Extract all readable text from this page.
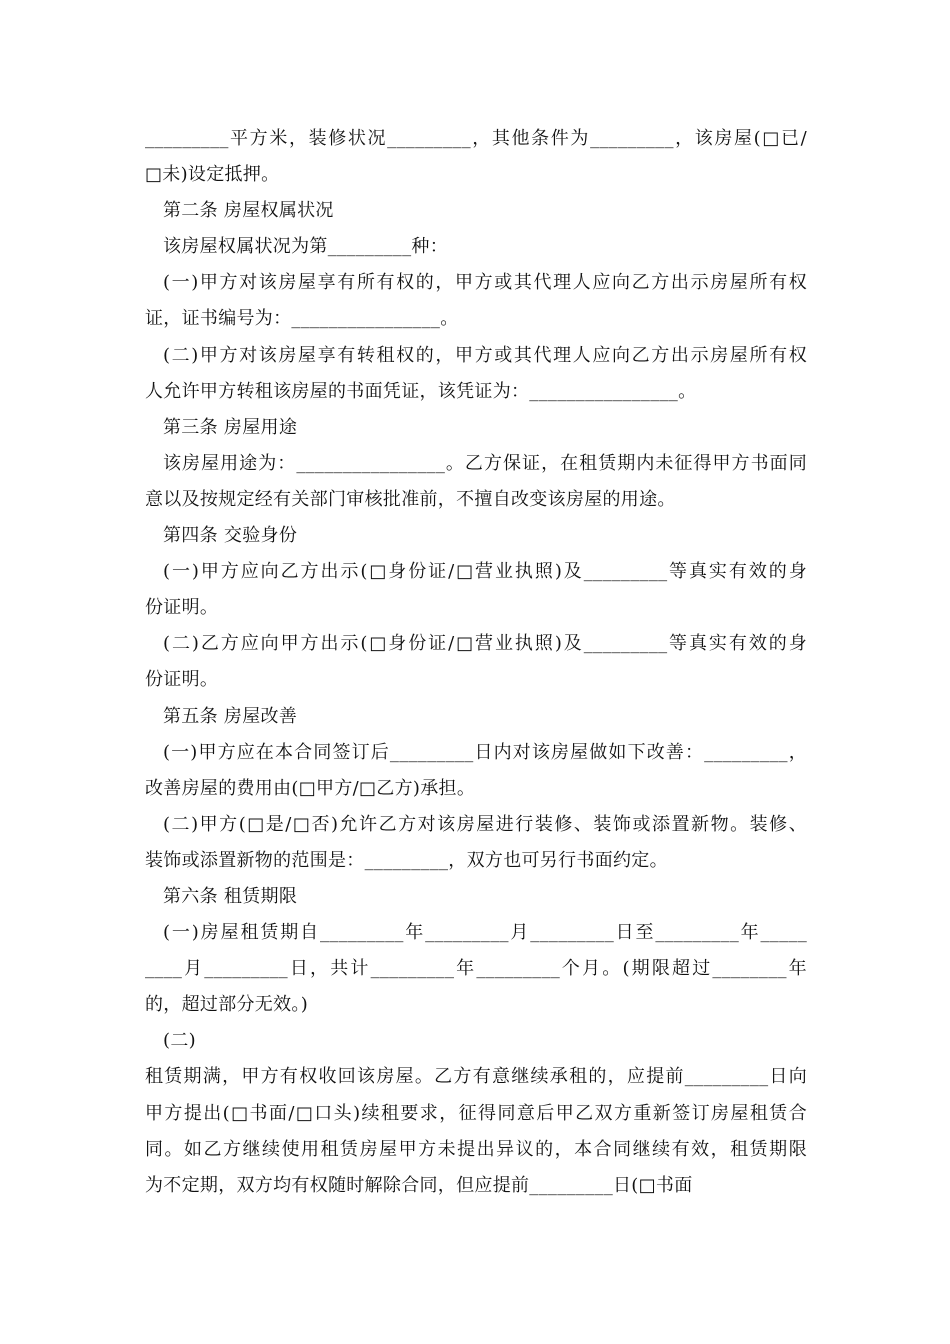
_________平方米，装修状况_________，其他条件为_________，该房屋(□已/
□未)设定抵押。
第二条 房屋权属状况
该房屋权属状况为第_________种：
(一)甲方对该房屋享有所有权的，甲方或其代理人应向乙方出示房屋所有权
证，证书编号为：________________。
(二)甲方对该房屋享有转租权的，甲方或其代理人应向乙方出示房屋所有权
人允许甲方转租该房屋的书面凭证，该凭证为：________________。
第三条 房屋用途
该房屋用途为：________________。乙方保证，在租赁期内未征得甲方书面同
意以及按规定经有关部门审核批准前，不擅自改变该房屋的用途。
第四条 交验身份
(一)甲方应向乙方出示(□身份证/□营业执照)及_________等真实有效的身
份证明。
(二)乙方应向甲方出示(□身份证/□营业执照)及_________等真实有效的身
份证明。
第五条 房屋改善
(一)甲方应在本合同签订后_________日内对该房屋做如下改善：_________，
改善房屋的费用由(□甲方/□乙方)承担。
(二)甲方(□是/□否)允许乙方对该房屋进行装修、装饰或添置新物。装修、
装饰或添置新物的范围是：_________，双方也可另行书面约定。
第六条 租赁期限
(一)房屋租赁期自_________年_________月_________日至_________年_____
____月_________日，共计_________年_________个月。(期限超过________年
的，超过部分无效。)
(二)
租赁期满，甲方有权收回该房屋。乙方有意继续承租的，应提前_________日向
甲方提出(□书面/□口头)续租要求，征得同意后甲乙双方重新签订房屋租赁合
同。如乙方继续使用租赁房屋甲方未提出异议的，本合同继续有效，租赁期限
为不定期，双方均有权随时解除合同，但应提前_________日(□书面
